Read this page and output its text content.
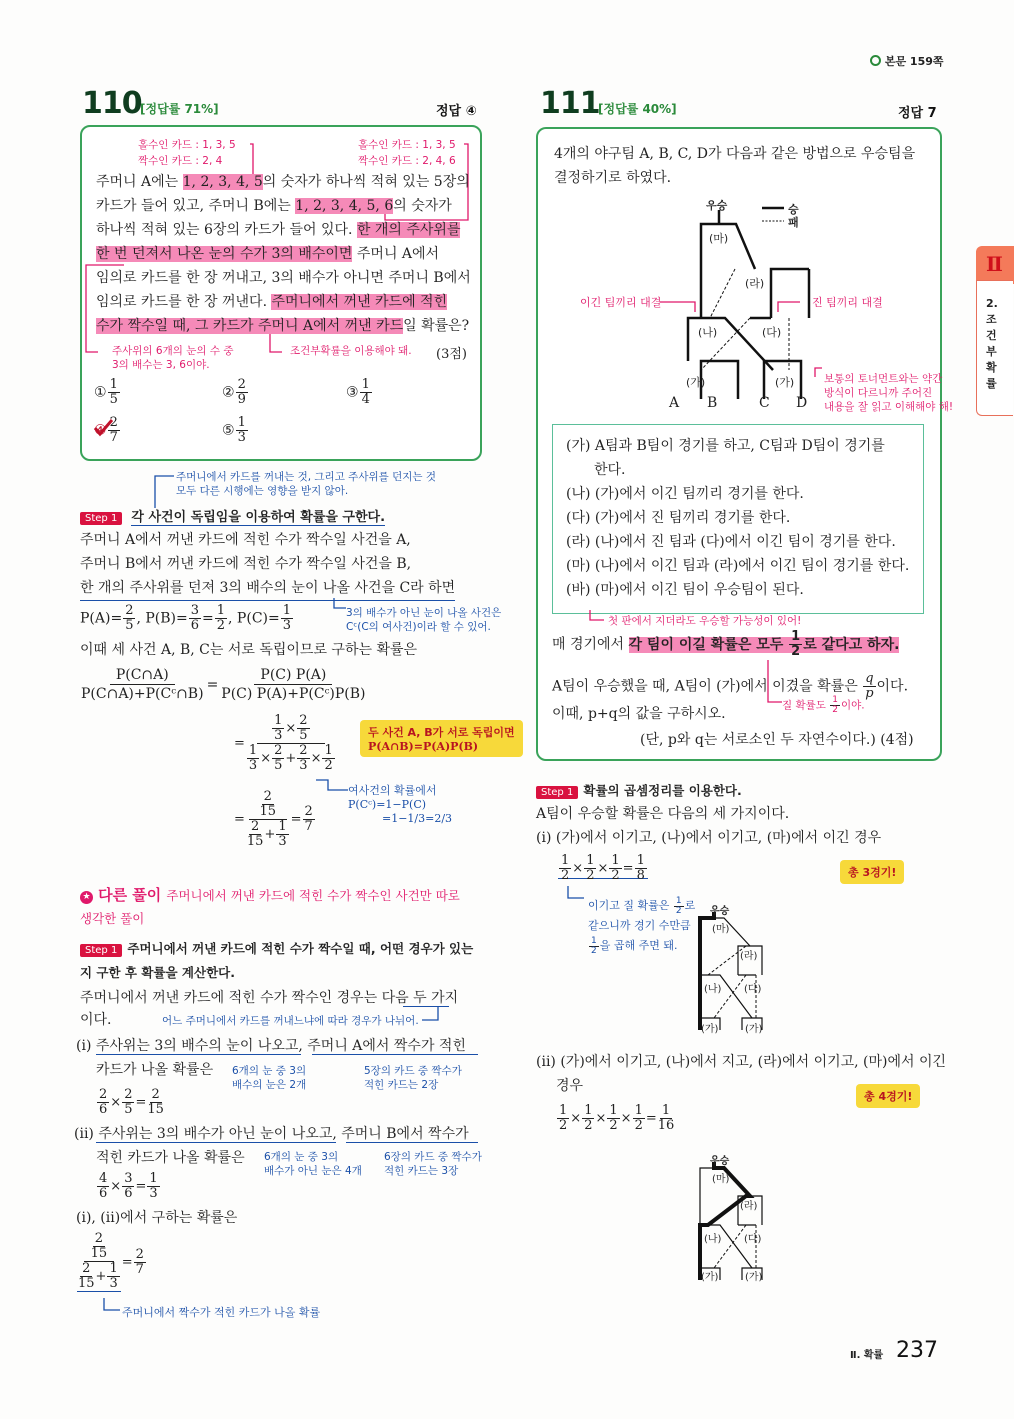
본문 159쪽
110
[정답률 71%]	정답 ④
홀수인 카드 : 1, 3, 5
짝수인 카드 : 2, 4
홀수인 카드 : 1, 3, 5
짝수인 카드 : 2, 4, 6
주머니 A에는 1, 2, 3, 4, 5의 숫자가 하나씩 적혀 있는 5장의
카드가 들어 있고, 주머니 B에는 1, 2, 3, 4, 5, 6의 숫자가
하나씩 적혀 있는 6장의 카드가 들어 있다. 한 개의 주사위를
한 번 던져서 나온 눈의 수가 3의 배수이면 주머니 A에서
임의로 카드를 한 장 꺼내고, 3의 배수가 아니면 주머니 B에서
임의로 카드를 한 장 꺼낸다. 주머니에서 꺼낸 카드에 적힌
수가 짝수일 때, 그 카드가 주머니 A에서 꺼낸 카드일 확률은?
주사위의 6개의 눈의 수 중
3의 배수는 3, 6이야.
조건부확률을 이용해야 돼. (3점)
① $\frac{1}{5}$	② $\frac{2}{9}$	③ $\frac{1}{4}$
④ $\frac{2}{7}$	⑤ $\frac{1}{3}$
주머니에서 카드를 꺼내는 것, 그리고 주사위를 던지는 것
모두 다른 시행에는 영향을 받지 않아.
Step 1 각 사건이 독립임을 이용하여 확률을 구한다.
주머니 A에서 꺼낸 카드에 적힌 수가 짝수일 사건을 A,
주머니 B에서 꺼낸 카드에 적힌 수가 짝수일 사건을 B,
한 개의 주사위를 던져 3의 배수의 눈이 나올 사건을 C라 하면
$P(A)= \frac{2}{5}$ , $P(B)= \frac{3}{6} = \frac{1}{2}$ , $P(C)= \frac{1}{3}$	3의 배수가 아닌 눈이 나올 사건은
Cᶜ(C의 여사건)이라 할 수 있어.
이때 세 사건 A, B, C는 서로 독립이므로 구하는 확률은
$\frac{P(C\cap A)}{\text{P(C∩A)+P(Cᶜ∩B)}} = \frac{P(C) P(A)}{\text{P(C) P(A)+P(Cᶜ)P(B)}}$
= $\frac{\frac{1}{3} \times \frac{2}{5}}{\frac{1}{3} \times \frac{2}{5} + \frac{2}{3} \times \frac{1}{2}}$	두 사건 A, B가 서로 독립이면
P(A∩B)=P(A)P(B)
여사건의 확률에서
P(Cᶜ)=1−P(C)
=1−1/3=2/3
= $\frac{\frac{2}{15}}{\frac{2}{15} + \frac{1}{3}} = \frac{2}{7}$
★ 다른 풀이 주머니에서 꺼낸 카드에 적힌 수가 짝수인 사건만 따로
생각한 풀이
Step 1 주머니에서 꺼낸 카드에 적힌 수가 짝수일 때, 어떤 경우가 있는
지 구한 후 확률을 계산한다.
주머니에서 꺼낸 카드에 적힌 수가 짝수인 경우는 다음 두 가지
이다.	어느 주머니에서 카드를 꺼내느냐에 따라 경우가 나뉘어.
(i) 주사위는 3의 배수의 눈이 나오고, 주머니 A에서 짝수가 적힌
카드가 나올 확률은	6개의 눈 중 3의
배수의 눈은 2개
5장의 카드 중 짝수가
적힌 카드는 2장
$\frac{2}{6} \times \frac{2}{5} = \frac{2}{15}$
(ii) 주사위는 3의 배수가 아닌 눈이 나오고, 주머니 B에서 짝수가
적힌 카드가 나올 확률은	6개의 눈 중 3의
배수가 아닌 눈은 4개
6장의 카드 중 짝수가
적힌 카드는 3장
$\frac{4}{6} \times \frac{3}{6} = \frac{1}{3}$
(i), (ii)에서 구하는 확률은
$\frac{\frac{2}{15}}{\frac{2}{15} + \frac{1}{3}} = \frac{2}{7}$
주머니에서 짝수가 적힌 카드가 나올 확률
111
[정답률 40%]	정답 7
4개의 야구팀 A, B, C, D가 다음과 같은 방법으로 우승팀을
결정하기로 하였다.
우승	승
패
(마)
(라)
(나)	(다)
(가)	(가)
A B	C D
이긴 팀끼리 대결	진 팀끼리 대결
보통의 토너먼트와는 약간
방식이 다르니까 주어진
내용을 잘 읽고 이해해야 해!
(가) A팀과 B팀이 경기를 하고, C팀과 D팀이 경기를
한다.
(나) (가)에서 이긴 팀끼리 경기를 한다.
(다) (가)에서 진 팀끼리 경기를 한다.
(라) (나)에서 진 팀과 (다)에서 이긴 팀이 경기를 한다.
(마) (나)에서 이긴 팀과 (라)에서 이긴 팀이 경기를 한다.
(바) (마)에서 이긴 팀이 우승팀이 된다.
첫 판에서 지더라도 우승할 가능성이 있어!
매 경기에서 각 팀이 이길 확률은 모두 $\frac{1}{2}$ 로 같다고 하자.
A팀이 우승했을 때, A팀이 (가)에서 이겼을 확률은 $\frac{q}{p}$ 이다.
질 확률도 $\frac{1}{2}$ 이야.
이때, p+q의 값을 구하시오.
(단, p와 q는 서로소인 두 자연수이다.) (4점)
Step 1 확률의 곱셈정리를 이용한다.
A팀이 우승할 확률은 다음의 세 가지이다.
(i) (가)에서 이기고, (나)에서 이기고, (마)에서 이긴 경우
$\frac{1}{2} \times \frac{1}{2} \times \frac{1}{2} = \frac{1}{8}$	총 3경기!
이기고 질 확률은 $\frac{1}{2}$ 로
같으니까 경기 수만큼
$\frac{1}{2}$ 을 곱해 주면 돼.
우승
(마)
(라)
(나) (다)
(가)	(가)
(ii) (가)에서 이기고, (나)에서 지고, (라)에서 이기고, (마)에서 이긴
경우
총 4경기!
$\frac{1}{2} \times \frac{1}{2} \times \frac{1}{2} \times \frac{1}{2} = \frac{1}{16}$
우승
(마)
(라)
(나) (다)
(가)	(가)
Ⅱ
2. 조건부확률
Ⅱ. 확률 237
